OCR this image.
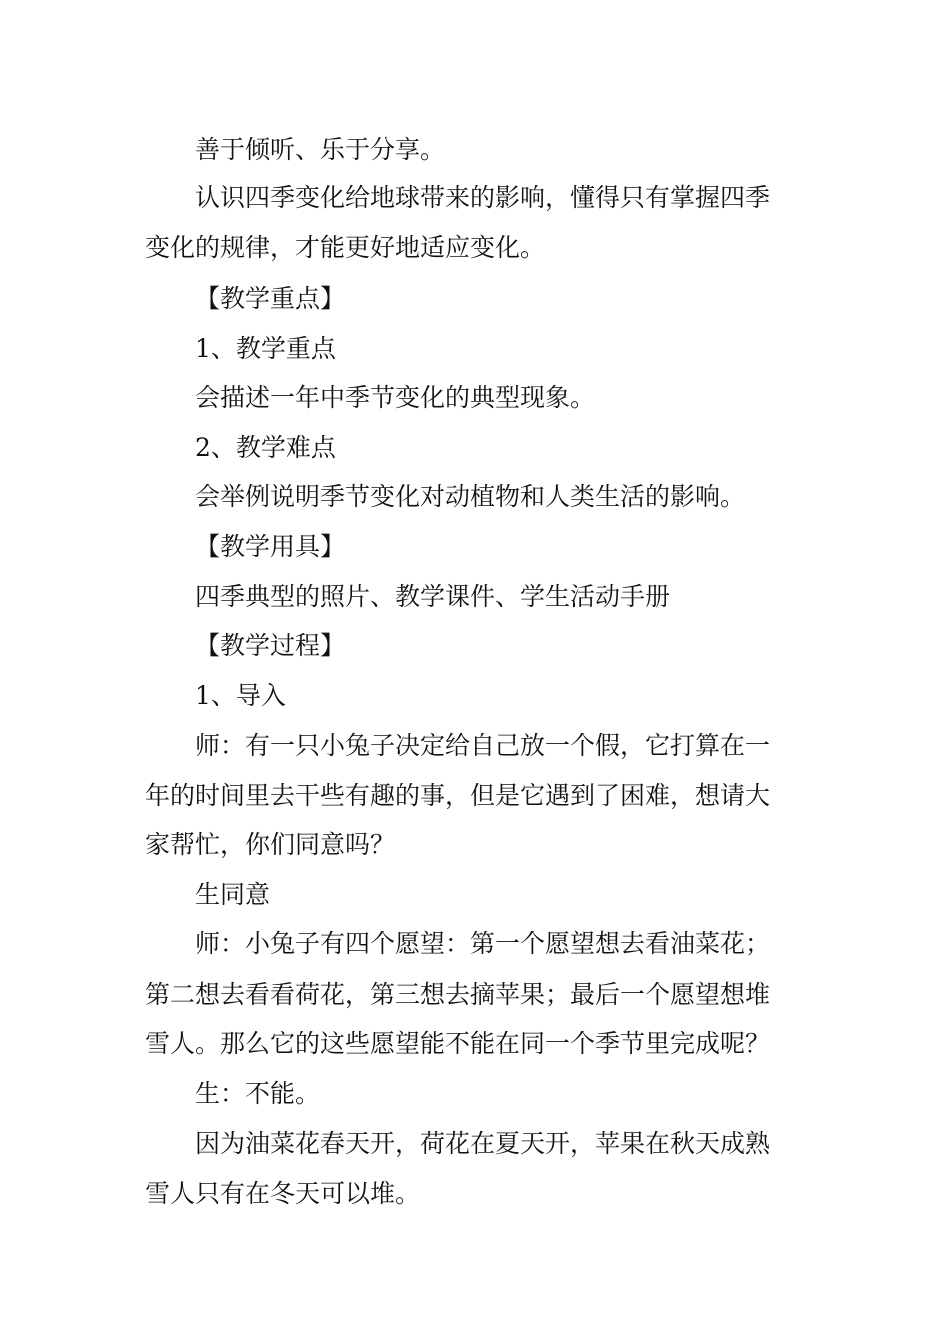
善于倾听、乐于分享。

认识四季变化给地球带来的影响，懂得只有掌握四季

变化的规律，才能更好地适应变化。

【教学重点】

1、教学重点

会描述一年中季节变化的典型现象。

2、教学难点

会举例说明季节变化对动植物和人类生活的影响。

【教学用具】

四季典型的照片、教学课件、学生活动手册

【教学过程】

1、导入

师：有一只小兔子决定给自己放一个假，它打算在一

年的时间里去干些有趣的事，但是它遇到了困难，想请大

家帮忙，你们同意吗？

生同意

师：小兔子有四个愿望：第一个愿望想去看油菜花；

第二想去看看荷花，第三想去摘苹果；最后一个愿望想堆

雪人。那么它的这些愿望能不能在同一个季节里完成呢？

生：不能。

因为油菜花春天开，荷花在夏天开，苹果在秋天成熟

雪人只有在冬天可以堆。
